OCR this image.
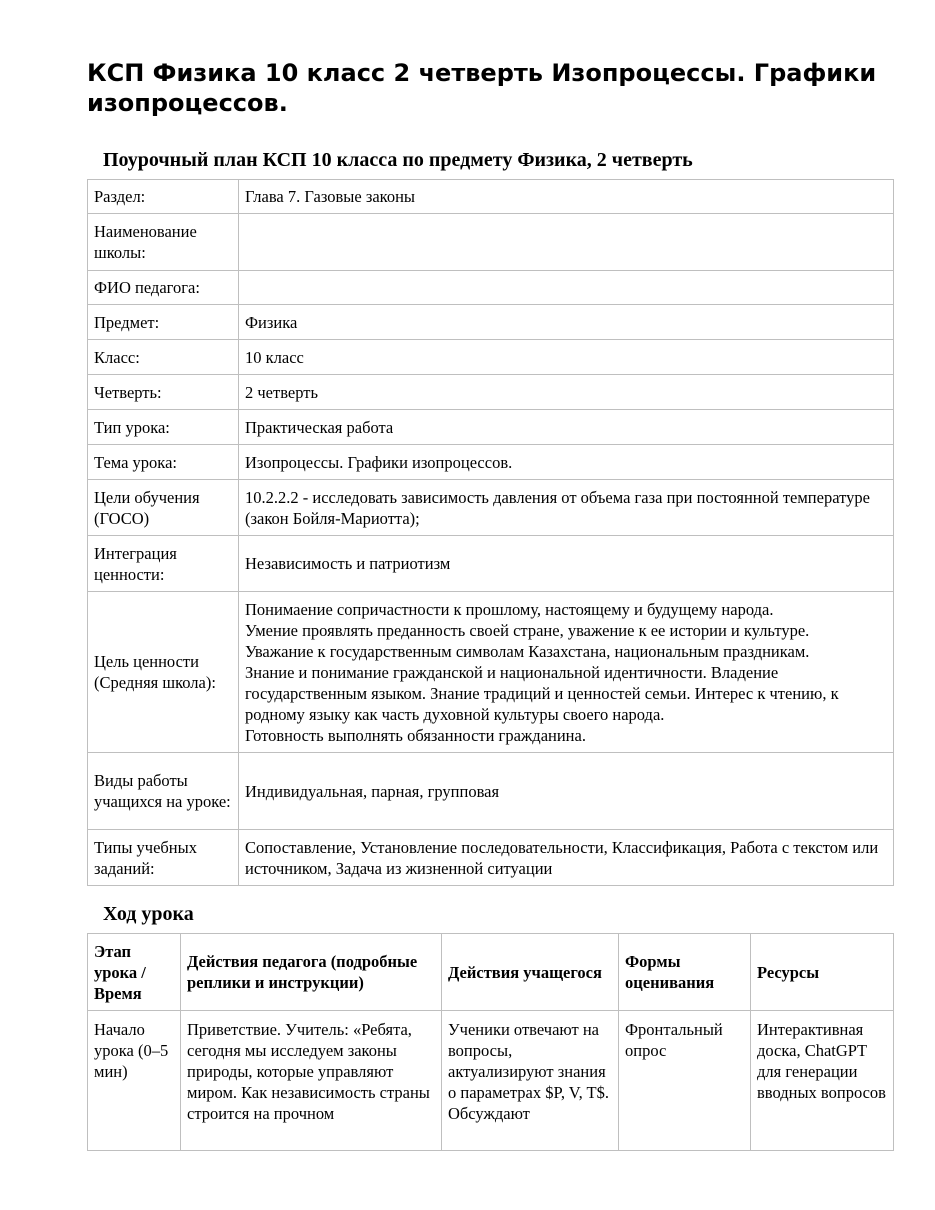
КСП Физика 10 класс 2 четверть Изопроцессы. Графики изопроцессов.
Поурочный план КСП 10 класса по предмету Физика, 2 четверть
Раздел:	Глава 7. Газовые законы
Наименование школы:	
ФИО педагога:	
Предмет:	Физика
Класс:	10 класс
Четверть:	2 четверть
Тип урока:	Практическая работа
Тема урока:	Изопроцессы. Графики изопроцессов.
Цели обучения (ГОСО)	10.2.2.2 - исследовать зависимость давления от объема газа при постоянной температуре (закон Бойля-Мариотта);
Интеграция ценности:	Независимость и патриотизм
Цель ценности (Средняя школа):	Понимаение сопричастности к прошлому, настоящему и будущему народа.
Умение проявлять преданность своей стране, уважение к ее истории и культуре.
Уважание к государственным символам Казахстана, национальным праздникам.
Знание и понимание гражданской и национальной идентичности. Владение государственным языком. Знание традиций и ценностей семьи. Интерес к чтению, к родному языку как часть духовной культуры своего народа.
Готовность выполнять обязанности гражданина.
Виды работы учащихся на уроке:	Индивидуальная, парная, групповая
Типы учебных заданий:	Сопоставление, Установление последовательности, Классификация, Работа с текстом или источником, Задача из жизненной ситуации
Ход урока
Этап урока / Время	Действия педагога (подробные реплики и инструкции)	Действия учащегося	Формы оценивания	Ресурсы
Начало урока (0–5 мин)	Приветствие. Учитель: «Ребята, сегодня мы исследуем законы природы, которые управляют миром. Как независимость страны строится на прочном	Ученики отвечают на вопросы, актуализируют знания о параметрах $P, V, T$. Обсуждают	Фронтальный опрос	Интерактивная доска, ChatGPT для генерации вводных вопросов
